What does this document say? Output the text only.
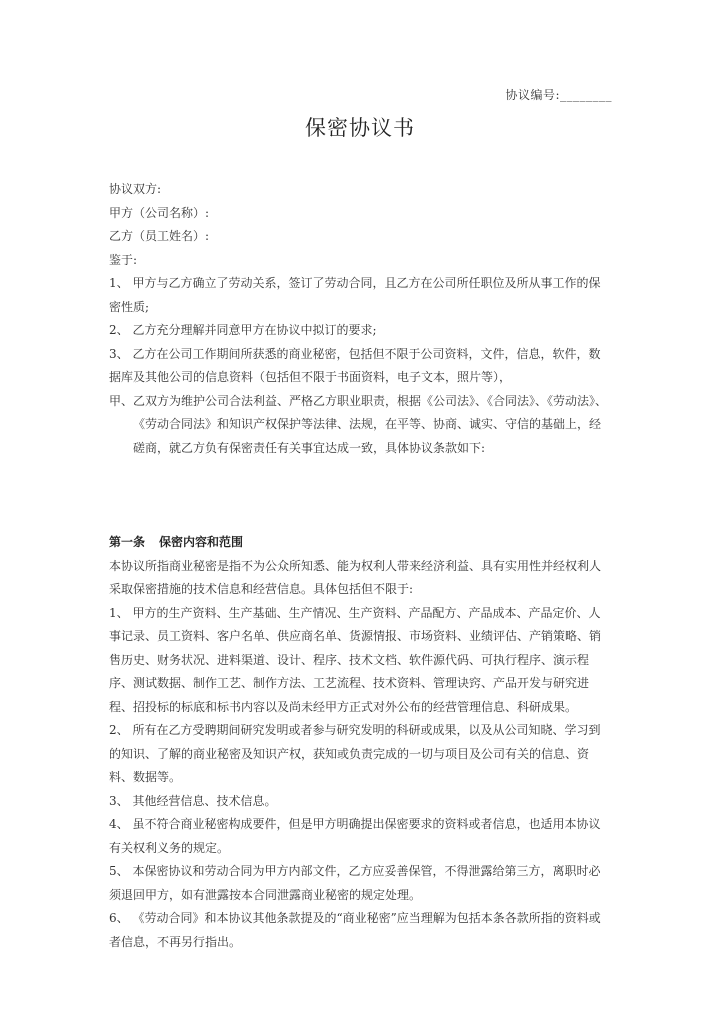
协议编号:________
保密协议书

协议双方:

甲方（公司名称）:

乙方（员工姓名）:

鉴于:

1、 甲方与乙方确立了劳动关系，签订了劳动合同，且乙方在公司所任职位及所从事工作的保密性质;

2、 乙方充分理解并同意甲方在协议中拟订的要求;

3、 乙方在公司工作期间所获悉的商业秘密，包括但不限于公司资料，文件，信息，软件，数据库及其他公司的信息资料（包括但不限于书面资料，电子文本，照片等），

甲、乙双方为维护公司合法利益、严格乙方职业职责，根据《公司法》、《合同法》、《劳动法》、《劳动合同法》和知识产权保护等法律、法规，在平等、协商、诚实、守信的基础上，经磋商，就乙方负有保密责任有关事宜达成一致，具体协议条款如下:

第一条 保密内容和范围

本协议所指商业秘密是指不为公众所知悉、能为权利人带来经济利益、具有实用性并经权利人采取保密措施的技术信息和经营信息。具体包括但不限于:

1、 甲方的生产资料、生产基础、生产情况、生产资料、产品配方、产品成本、产品定价、人事记录、员工资料、客户名单、供应商名单、货源情报、市场资料、业绩评估、产销策略、销售历史、财务状况、进料渠道、设计、程序、技术文档、软件源代码、可执行程序、演示程序、测试数据、制作工艺、制作方法、工艺流程、技术资料、管理诀窍、产品开发与研究进程、招投标的标底和标书内容以及尚未经甲方正式对外公布的经营管理信息、科研成果。

2、 所有在乙方受聘期间研究发明或者参与研究发明的科研或成果，以及从公司知晓、学习到的知识、了解的商业秘密及知识产权，获知或负责完成的一切与项目及公司有关的信息、资料、数据等。

3、 其他经营信息、技术信息。

4、 虽不符合商业秘密构成要件，但是甲方明确提出保密要求的资料或者信息，也适用本协议有关权利义务的规定。

5、 本保密协议和劳动合同为甲方内部文件，乙方应妥善保管，不得泄露给第三方，离职时必须退回甲方，如有泄露按本合同泄露商业秘密的规定处理。

6、 《劳动合同》和本协议其他条款提及的“商业秘密”应当理解为包括本条各款所指的资料或者信息，不再另行指出。
